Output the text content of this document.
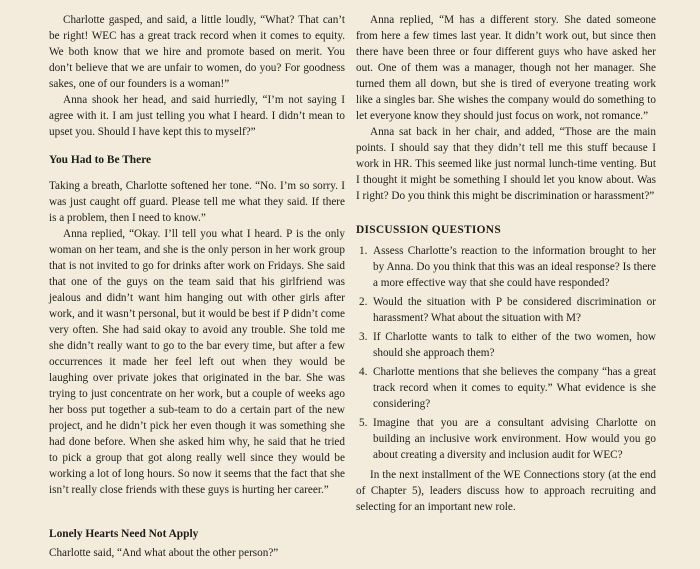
Charlotte gasped, and said, a little loudly, “What? That can’t be right! WEC has a great track record when it comes to equity. We both know that we hire and promote based on merit. You don’t believe that we are unfair to women, do you? For goodness sakes, one of our founders is a woman!”

Anna shook her head, and said hurriedly, “I’m not saying I agree with it. I am just telling you what I heard. I didn’t mean to upset you. Should I have kept this to myself?”

You Had to Be There

Taking a breath, Charlotte softened her tone. “No. I’m so sorry. I was just caught off guard. Please tell me what they said. If there is a problem, then I need to know.”

Anna replied, “Okay. I’ll tell you what I heard. P is the only woman on her team, and she is the only person in her work group that is not invited to go for drinks after work on Fridays. She said that one of the guys on the team said that his girlfriend was jealous and didn’t want him hanging out with other girls after work, and it wasn’t personal, but it would be best if P didn’t come very often. She had said okay to avoid any trouble. She told me she didn’t really want to go to the bar every time, but after a few occurrences it made her feel left out when they would be laughing over private jokes that originated in the bar. She was trying to just concentrate on her work, but a couple of weeks ago her boss put together a sub-team to do a certain part of the new project, and he didn’t pick her even though it was something she had done before. When she asked him why, he said that he tried to pick a group that got along really well since they would be working a lot of long hours. So now it seems that the fact that she isn’t really close friends with these guys is hurting her career.”

Lonely Hearts Need Not Apply

Charlotte said, “And what about the other person?”

Anna replied, “M has a different story. She dated someone from here a few times last year. It didn’t work out, but since then there have been three or four different guys who have asked her out. One of them was a manager, though not her manager. She turned them all down, but she is tired of everyone treating work like a singles bar. She wishes the company would do something to let everyone know they should just focus on work, not romance.”

Anna sat back in her chair, and added, “Those are the main points. I should say that they didn’t tell me this stuff because I work in HR. This seemed like just normal lunch-time venting. But I thought it might be something I should let you know about. Was I right? Do you think this might be discrimination or harassment?”

DISCUSSION QUESTIONS
1. Assess Charlotte’s reaction to the information brought to her by Anna. Do you think that this was an ideal response? Is there a more effective way that she could have responded?
2. Would the situation with P be considered discrimination or harassment? What about the situation with M?
3. If Charlotte wants to talk to either of the two women, how should she approach them?
4. Charlotte mentions that she believes the company “has a great track record when it comes to equity.” What evidence is she considering?
5. Imagine that you are a consultant advising Charlotte on building an inclusive work environment. How would you go about creating a diversity and inclusion audit for WEC?

In the next installment of the WE Connections story (at the end of Chapter 5), leaders discuss how to approach recruiting and selecting for an important new role.
